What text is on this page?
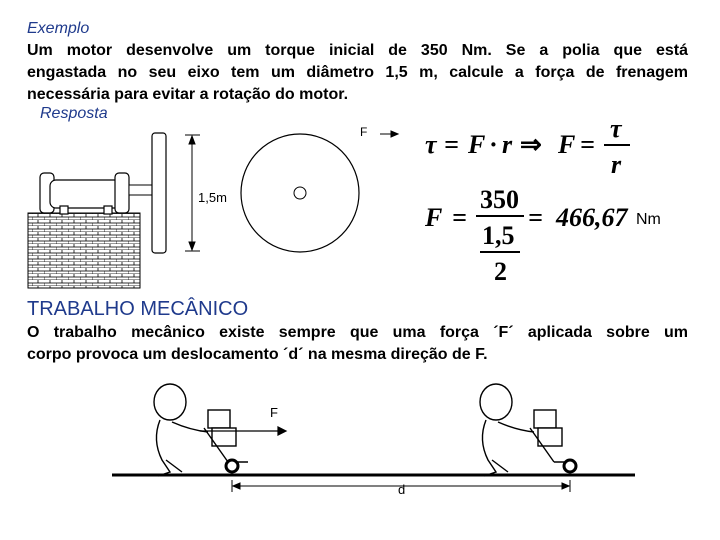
Exemplo
Um motor desenvolve um torque inicial de 350 Nm. Se a polia que está
engastada no seu eixo tem um diâmetro 1,5 m, calcule a força de frenagem
necessária para evitar a rotação do motor.
Resposta
1,5m
F τ = F · r ⇒ F =
τ
r
F =
350
1,5
2
= 466,67 Nm
TRABALHO MECÂNICO
O trabalho mecânico existe sempre que uma força ´F´ aplicada sobre um
corpo provoca um deslocamento ´d´ na mesma direção de F.
F
d
